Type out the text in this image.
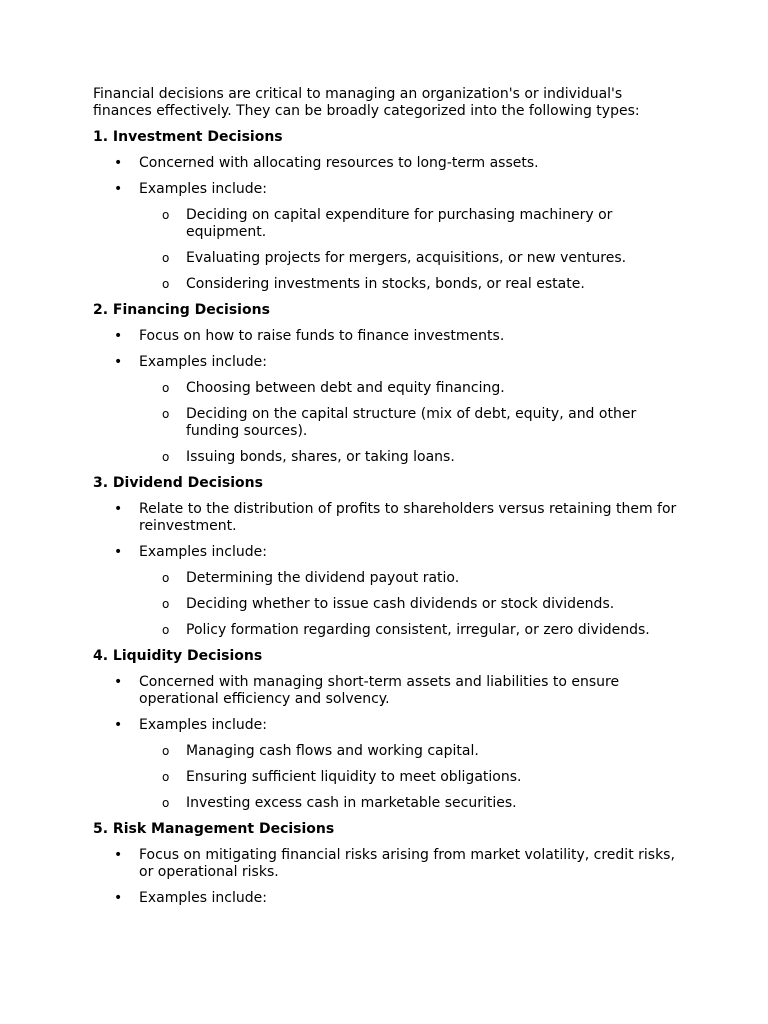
Financial decisions are critical to managing an organization's or individual's finances effectively. They can be broadly categorized into the following types:

1. Investment Decisions

• Concerned with allocating resources to long-term assets.
• Examples include:
o Deciding on capital expenditure for purchasing machinery or equipment.
o Evaluating projects for mergers, acquisitions, or new ventures.
o Considering investments in stocks, bonds, or real estate.

2. Financing Decisions

• Focus on how to raise funds to finance investments.
• Examples include:
o Choosing between debt and equity financing.
o Deciding on the capital structure (mix of debt, equity, and other funding sources).
o Issuing bonds, shares, or taking loans.

3. Dividend Decisions

• Relate to the distribution of profits to shareholders versus retaining them for reinvestment.
• Examples include:
o Determining the dividend payout ratio.
o Deciding whether to issue cash dividends or stock dividends.
o Policy formation regarding consistent, irregular, or zero dividends.

4. Liquidity Decisions

• Concerned with managing short-term assets and liabilities to ensure operational efficiency and solvency.
• Examples include:
o Managing cash flows and working capital.
o Ensuring sufficient liquidity to meet obligations.
o Investing excess cash in marketable securities.

5. Risk Management Decisions

• Focus on mitigating financial risks arising from market volatility, credit risks, or operational risks.
• Examples include:
